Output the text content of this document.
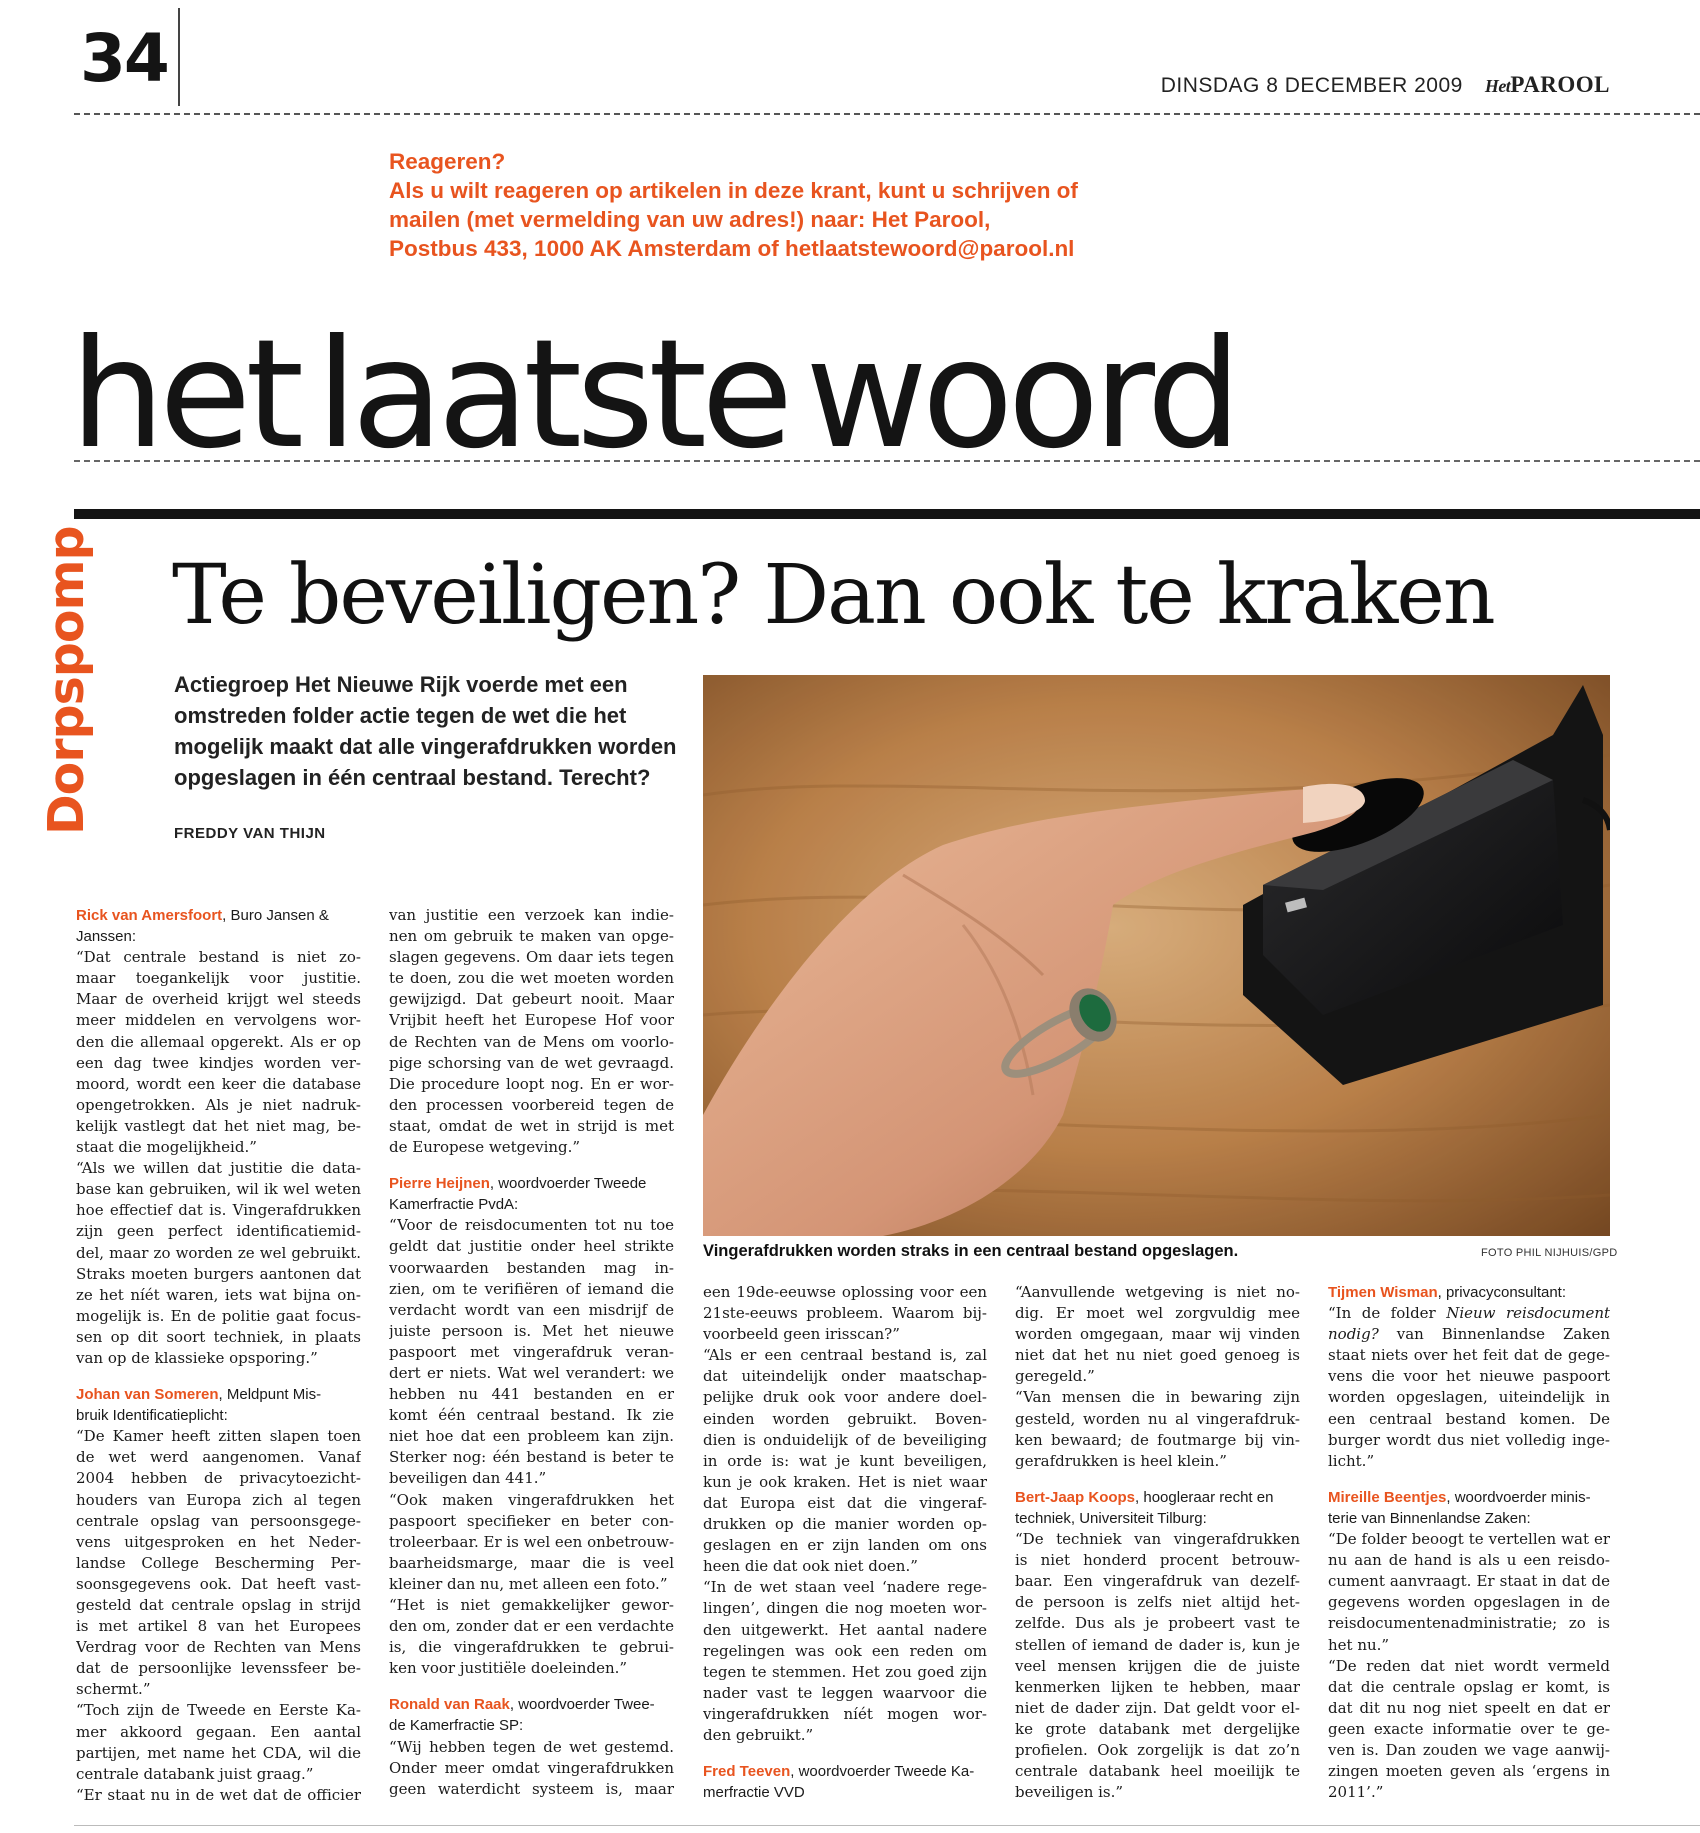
34	DINSDAG 8 DECEMBER 2009 HetPAROOL
Reageren?
Als u wilt reageren op artikelen in deze krant, kunt u schrijven of
mailen (met vermelding van uw adres!) naar: Het Parool,
Postbus 433, 1000 AK Amsterdam of hetlaatstewoord@parool.nl
het laatste woord
Dorpspomp Te beveiligen? Dan ook te kraken
Actiegroep Het Nieuwe Rijk voerde met een
omstreden folder actie tegen de wet die het
mogelijk maakt dat alle vingerafdrukken worden
opgeslagen in één centraal bestand. Terecht?
FREDDY VAN THIJN
Vingerafdrukken worden straks in een centraal bestand opgeslagen.	FOTO PHIL NIJHUIS/GPD
Rick van Amersfoort, Buro Jansen &
Janssen:
“Dat centrale bestand is niet zo-
maar toegankelijk voor justitie.
Maar de overheid krijgt wel steeds
meer middelen en vervolgens wor-
den die allemaal opgerekt. Als er op
een dag twee kindjes worden ver-
moord, wordt een keer die database
opengetrokken. Als je niet nadruk-
kelijk vastlegt dat het niet mag, be-
staat die mogelijkheid.”
“Als we willen dat justitie die data-
base kan gebruiken, wil ik wel weten
hoe effectief dat is. Vingerafdrukken
zijn geen perfect identificatiemid-
del, maar zo worden ze wel gebruikt.
Straks moeten burgers aantonen dat
ze het níét waren, iets wat bijna on-
mogelijk is. En de politie gaat focus-
sen op dit soort techniek, in plaats
van op de klassieke opsporing.”
Johan van Someren, Meldpunt Mis-
bruik Identificatieplicht:
“De Kamer heeft zitten slapen toen
de wet werd aangenomen. Vanaf
2004 hebben de privacytoezicht-
houders van Europa zich al tegen
centrale opslag van persoonsgege-
vens uitgesproken en het Neder-
landse College Bescherming Per-
soonsgegevens ook. Dat heeft vast-
gesteld dat centrale opslag in strijd
is met artikel 8 van het Europees
Verdrag voor de Rechten van Mens
dat de persoonlijke levenssfeer be-
schermt.”
“Toch zijn de Tweede en Eerste Ka-
mer akkoord gegaan. Een aantal
partijen, met name het CDA, wil die
centrale databank juist graag.”
“Er staat nu in de wet dat de officier
van justitie een verzoek kan indie-
nen om gebruik te maken van opge-
slagen gegevens. Om daar iets tegen
te doen, zou die wet moeten worden
gewijzigd. Dat gebeurt nooit. Maar
Vrijbit heeft het Europese Hof voor
de Rechten van de Mens om voorlo-
pige schorsing van de wet gevraagd.
Die procedure loopt nog. En er wor-
den processen voorbereid tegen de
staat, omdat de wet in strijd is met
de Europese wetgeving.”
Pierre Heijnen, woordvoerder Tweede
Kamerfractie PvdA:
“Voor de reisdocumenten tot nu toe
geldt dat justitie onder heel strikte
voorwaarden bestanden mag in-
zien, om te verifiëren of iemand die
verdacht wordt van een misdrijf de
juiste persoon is. Met het nieuwe
paspoort met vingerafdruk veran-
dert er niets. Wat wel verandert: we
hebben nu 441 bestanden en er
komt één centraal bestand. Ik zie
niet hoe dat een probleem kan zijn.
Sterker nog: één bestand is beter te
beveiligen dan 441.”
“Ook maken vingerafdrukken het
paspoort specifieker en beter con-
troleerbaar. Er is wel een onbetrouw-
baarheidsmarge, maar die is veel
kleiner dan nu, met alleen een foto.”
“Het is niet gemakkelijker gewor-
den om, zonder dat er een verdachte
is, die vingerafdrukken te gebrui-
ken voor justitiële doeleinden.”
Ronald van Raak, woordvoerder Twee-
de Kamerfractie SP:
“Wij hebben tegen de wet gestemd.
Onder meer omdat vingerafdrukken
geen waterdicht systeem is, maar
een 19de-eeuwse oplossing voor een
21ste-eeuws probleem. Waarom bij-
voorbeeld geen irisscan?”
“Als er een centraal bestand is, zal
dat uiteindelijk onder maatschap-
pelijke druk ook voor andere doel-
einden worden gebruikt. Boven-
dien is onduidelijk of de beveiliging
in orde is: wat je kunt beveiligen,
kun je ook kraken. Het is niet waar
dat Europa eist dat die vingeraf-
drukken op die manier worden op-
geslagen en er zijn landen om ons
heen die dat ook niet doen.”
“In de wet staan veel ‘nadere rege-
lingen’, dingen die nog moeten wor-
den uitgewerkt. Het aantal nadere
regelingen was ook een reden om
tegen te stemmen. Het zou goed zijn
nader vast te leggen waarvoor die
vingerafdrukken níét mogen wor-
den gebruikt.”
Fred Teeven, woordvoerder Tweede Ka-
merfractie VVD
“Aanvullende wetgeving is niet no-
dig. Er moet wel zorgvuldig mee
worden omgegaan, maar wij vinden
niet dat het nu niet goed genoeg is
geregeld.”
“Van mensen die in bewaring zijn
gesteld, worden nu al vingerafdruk-
ken bewaard; de foutmarge bij vin-
gerafdrukken is heel klein.”
Bert-Jaap Koops, hoogleraar recht en
techniek, Universiteit Tilburg:
“De techniek van vingerafdrukken
is niet honderd procent betrouw-
baar. Een vingerafdruk van dezelf-
de persoon is zelfs niet altijd het-
zelfde. Dus als je probeert vast te
stellen of iemand de dader is, kun je
veel mensen krijgen die de juiste
kenmerken lijken te hebben, maar
niet de dader zijn. Dat geldt voor el-
ke grote databank met dergelijke
profielen. Ook zorgelijk is dat zo’n
centrale databank heel moeilijk te
beveiligen is.”
Tijmen Wisman, privacyconsultant:
“In de folder Nieuw reisdocument
nodig? van Binnenlandse Zaken
staat niets over het feit dat de gege-
vens die voor het nieuwe paspoort
worden opgeslagen, uiteindelijk in
een centraal bestand komen. De
burger wordt dus niet volledig inge-
licht.”
Mireille Beentjes, woordvoerder minis-
terie van Binnenlandse Zaken:
“De folder beoogt te vertellen wat er
nu aan de hand is als u een reisdo-
cument aanvraagt. Er staat in dat de
gegevens worden opgeslagen in de
reisdocumentenadministratie; zo is
het nu.”
“De reden dat niet wordt vermeld
dat die centrale opslag er komt, is
dat dit nu nog niet speelt en dat er
geen exacte informatie over te ge-
ven is. Dan zouden we vage aanwij-
zingen moeten geven als ‘ergens in
2011’.”
